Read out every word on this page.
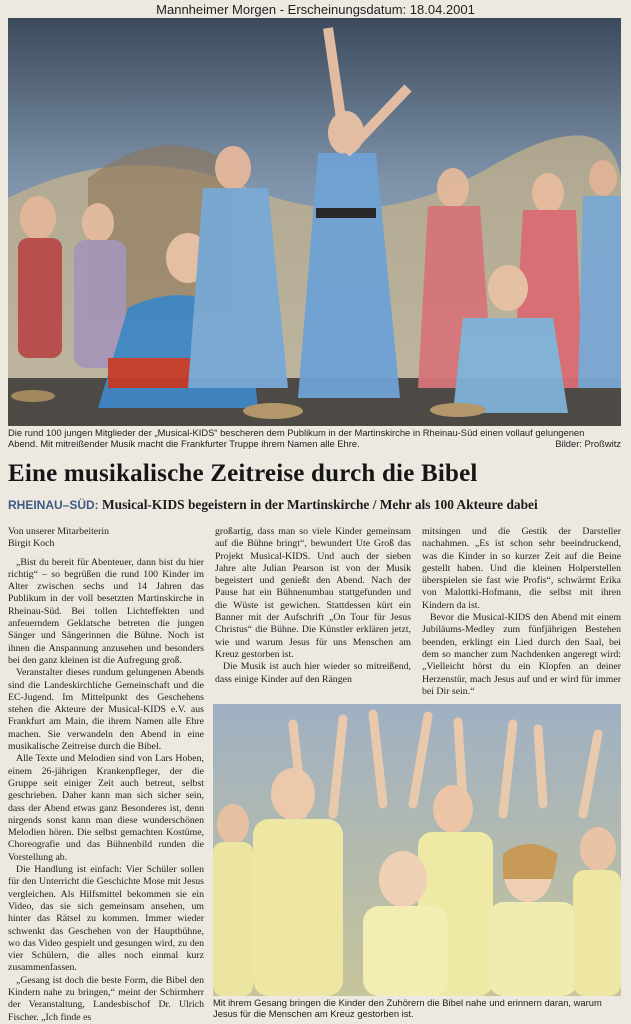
Mannheimer Morgen - Erscheinungsdatum: 18.04.2001
Die rund 100 jungen Mitglieder der „Musical-KIDS“ bescheren dem Publikum in der Martinskirche in Rheinau-Süd einen vollauf gelungenen
Abend. Mit mitreißender Musik macht die Frankfurter Truppe ihrem Namen alle Ehre.	Bilder: Proßwitz
Eine musikalische Zeitreise durch die Bibel
RHEINAU–SÜD: Musical-KIDS begeistern in der Martinskirche / Mehr als 100 Akteure dabei

Von unserer Mitarbeiterin

Birgit Koch

„Bist du bereit für Abenteuer, dann bist du hier richtig“ – so begrüßen die rund 100 Kinder im Alter zwischen sechs und 14 Jahren das Publikum in der voll besetzten Martinskirche in Rheinau-Süd. Bei tollen Lichteffekten und anfeuerndem Geklatsche betreten die jungen Sänger und Sängerinnen die Bühne. Noch ist ihnen die Anspannung anzusehen und besonders bei den ganz kleinen ist die Aufregung groß.

Veranstalter dieses rundum gelungenen Abends sind die Landeskirchliche Gemeinschaft und die EC-Jugend. Im Mittelpunkt des Geschehens stehen die Akteure der Musical-KIDS e.V. aus Frankfurt am Main, die ihrem Namen alle Ehre machen. Sie verwandeln den Abend in eine musikalische Zeitreise durch die Bibel.

Alle Texte und Melodien sind von Lars Hoben, einem 26-jährigen Krankenpfleger, der die Gruppe seit einiger Zeit auch betreut, selbst geschrieben. Daher kann man sich sicher sein, dass der Abend etwas ganz Besonderes ist, denn nirgends sonst kann man diese wunderschönen Melodien hören. Die selbst gemachten Kostüme, Choreografie und das Bühnenbild runden die Vorstellung ab.

Die Handlung ist einfach: Vier Schüler sollen für den Unterricht die Geschichte Mose mit Jesus vergleichen. Als Hilfsmittel bekommen sie ein Video, das sie sich gemeinsam ansehen, um hinter das Rätsel zu kommen. Immer wieder schwenkt das Geschehen von der Hauptbühne, wo das Video gespielt und gesungen wird, zu den vier Schülern, die alles noch einmal kurz zusammenfassen.

„Gesang ist doch die beste Form, die Bibel den Kindern nahe zu bringen,“ meint der Schirmherr der Veranstaltung, Landesbischof Dr. Ulrich Fischer. „Ich finde es

großartig, dass man so viele Kinder gemeinsam auf die Bühne bringt“, bewundert Ute Groß das Projekt Musical-KIDS. Und auch der sieben Jahre alte Julian Pearson ist von der Musik begeistert und genießt den Abend. Nach der Pause hat ein Bühnenumbau stattgefunden und die Wüste ist gewichen. Stattdessen kürt ein Banner mit der Aufschrift „On Tour für Jesus Christus“ die Bühne. Die Künstler erklären jetzt, wie und warum Jesus für uns Menschen am Kreuz gestorben ist.

Die Musik ist auch hier wieder so mitreißend, dass einige Kinder auf den Rängen

mitsingen und die Gestik der Darsteller nachahmen. „Es ist schon sehr beeindruckend, was die Kinder in so kurzer Zeit auf die Beine gestellt haben. Und die kleinen Holperstellen überspielen sie fast wie Profis“, schwärmt Erika von Malottki-Hofmann, die selbst mit ihren Kindern da ist.

Bevor die Musical-KIDS den Abend mit einem Jubiläums-Medley zum fünfjährigen Bestehen beenden, erklingt ein Lied durch den Saal, bei dem so mancher zum Nachdenken angeregt wird: „Vielleicht hörst du ein Klopfen an deiner Herzenstür, mach Jesus auf und er wird für immer bei Dir sein.“

Mit ihrem Gesang bringen die Kinder den Zuhörern die Bibel nahe und erinnern daran, warum Jesus für die Menschen am Kreuz gestorben ist.
